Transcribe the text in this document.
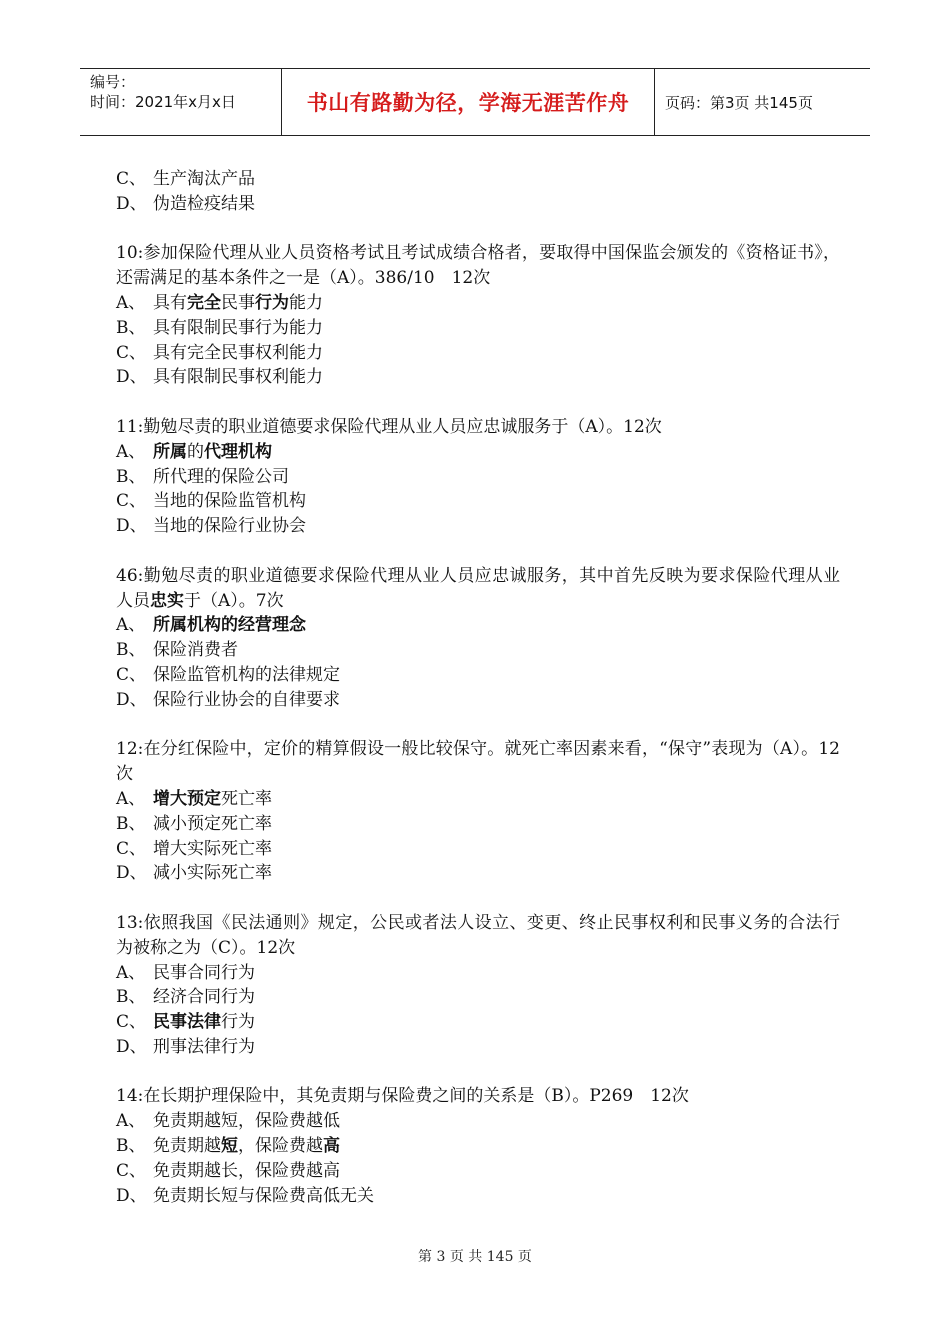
编号：
时间：2021年x月x日	书山有路勤为径，学海无涯苦作舟 页码：第3页 共145页
C、 生产淘汰产品
D、 伪造检疫结果
10:参加保险代理从业人员资格考试且考试成绩合格者，要取得中国保监会颁发的《资格证书》，还需满足的基本条件之一是（A）。386/10　12次
A、 具有完全民事行为能力
B、 具有限制民事行为能力
C、 具有完全民事权利能力
D、 具有限制民事权利能力
11:勤勉尽责的职业道德要求保险代理从业人员应忠诚服务于（A）。12次
A、 所属的代理机构
B、 所代理的保险公司
C、 当地的保险监管机构
D、 当地的保险行业协会
46:勤勉尽责的职业道德要求保险代理从业人员应忠诚服务，其中首先反映为要求保险代理从业人员忠实于（A）。7次
A、 所属机构的经营理念
B、 保险消费者
C、 保险监管机构的法律规定
D、 保险行业协会的自律要求
12:在分红保险中，定价的精算假设一般比较保守。就死亡率因素来看，“保守”表现为（A）。12次
A、 增大预定死亡率
B、 减小预定死亡率
C、 增大实际死亡率
D、 减小实际死亡率
13:依照我国《民法通则》规定，公民或者法人设立、变更、终止民事权利和民事义务的合法行为被称之为（C）。12次
A、 民事合同行为
B、 经济合同行为
C、 民事法律行为
D、 刑事法律行为
14:在长期护理保险中，其免责期与保险费之间的关系是（B）。P269　12次
A、 免责期越短，保险费越低
B、 免责期越短，保险费越高
C、 免责期越长，保险费越高
D、 免责期长短与保险费高低无关
第 3 页 共 145 页
